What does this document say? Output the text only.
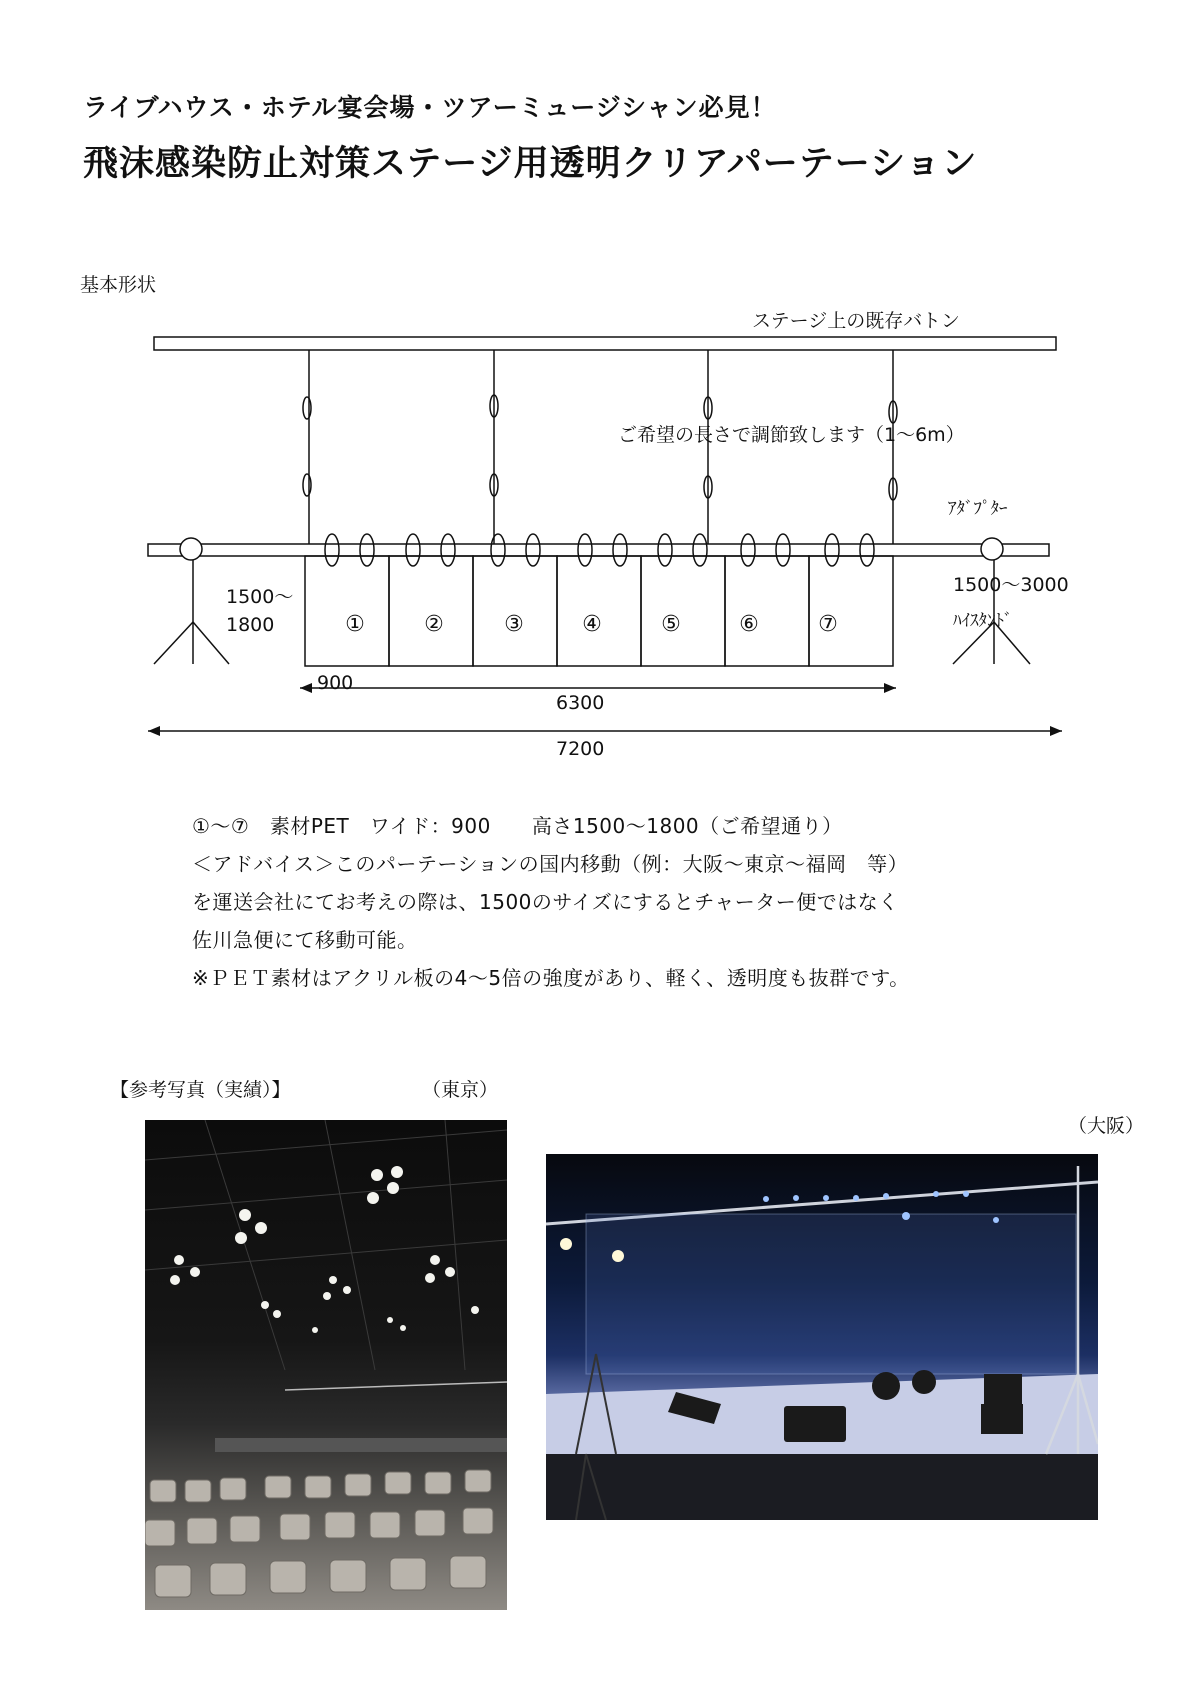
ライブハウス・ホテル宴会場・ツアーミュージシャン必見！
飛沫感染防止対策ステージ用透明クリアパーテーション
基本形状
ステージ上の既存バトン
ご希望の長さで調節致します（1〜6m）
ｱﾀﾞﾌﾟﾀｰ
1500〜
1800
1500〜3000
ﾊｲｽﾀﾝﾄﾞ
①	②	③	④	⑤	⑥	⑦
900
6300
7200
①〜⑦　素材PET　ワイド：900　　高さ1500〜1800（ご希望通り）
＜アドバイス＞このパーテーションの国内移動（例：大阪〜東京〜福岡　等）
を運送会社にてお考えの際は、1500のサイズにするとチャーター便ではなく
佐川急便にて移動可能。
※ＰＥＴ素材はアクリル板の4〜5倍の強度があり、軽く、透明度も抜群です。
【参考写真（実績）】	（東京）
（大阪）
